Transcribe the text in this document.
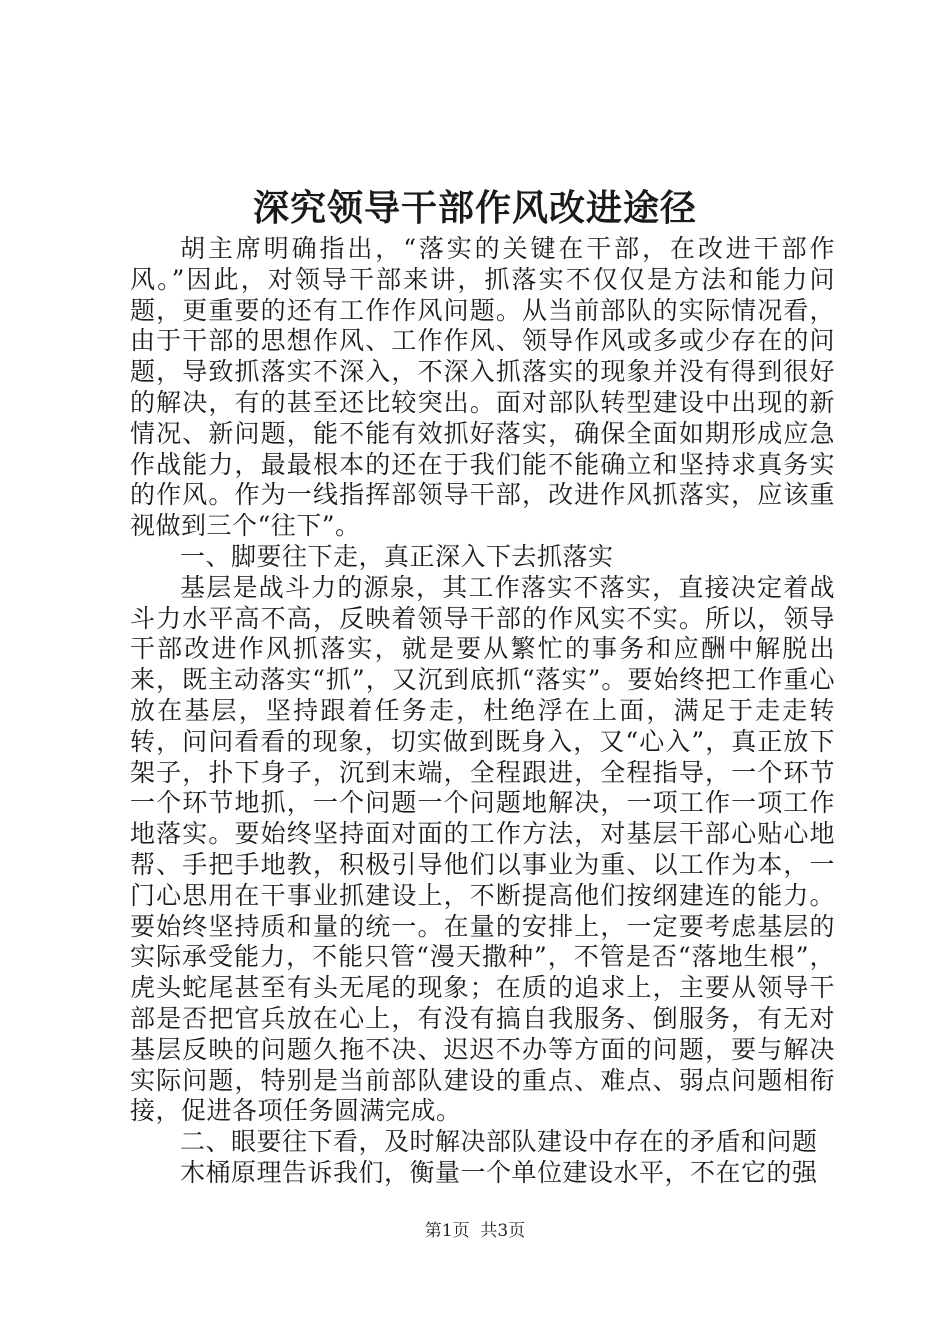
深究领导干部作风改进途径

胡主席明确指出，“落实的关键在干部，在改进干部作风。”因此，对领导干部来讲，抓落实不仅仅是方法和能力问题，更重要的还有工作作风问题。从当前部队的实际情况看，由于干部的思想作风、工作作风、领导作风或多或少存在的问题，导致抓落实不深入，不深入抓落实的现象并没有得到很好的解决，有的甚至还比较突出。面对部队转型建设中出现的新情况、新问题，能不能有效抓好落实，确保全面如期形成应急作战能力，最最根本的还在于我们能不能确立和坚持求真务实的作风。作为一线指挥部领导干部，改进作风抓落实，应该重视做到三个“往下”。

一、脚要往下走，真正深入下去抓落实

基层是战斗力的源泉，其工作落实不落实，直接决定着战斗力水平高不高，反映着领导干部的作风实不实。所以，领导干部改进作风抓落实，就是要从繁忙的事务和应酬中解脱出来，既主动落实“抓”，又沉到底抓“落实”。要始终把工作重心放在基层，坚持跟着任务走，杜绝浮在上面，满足于走走转转，问问看看的现象，切实做到既身入，又“心入”，真正放下架子，扑下身子，沉到末端，全程跟进，全程指导，一个环节一个环节地抓，一个问题一个问题地解决，一项工作一项工作地落实。要始终坚持面对面的工作方法，对基层干部心贴心地帮、手把手地教，积极引导他们以事业为重、以工作为本，一门心思用在干事业抓建设上，不断提高他们按纲建连的能力。要始终坚持质和量的统一。在量的安排上，一定要考虑基层的实际承受能力，不能只管“漫天撒种”，不管是否“落地生根”，虎头蛇尾甚至有头无尾的现象；在质的追求上，主要从领导干部是否把官兵放在心上，有没有搞自我服务、倒服务，有无对基层反映的问题久拖不决、迟迟不办等方面的问题，要与解决实际问题，特别是当前部队建设的重点、难点、弱点问题相衔接，促进各项任务圆满完成。

二、眼要往下看，及时解决部队建设中存在的矛盾和问题

木桶原理告诉我们，衡量一个单位建设水平，不在它的强

第1页 共3页
